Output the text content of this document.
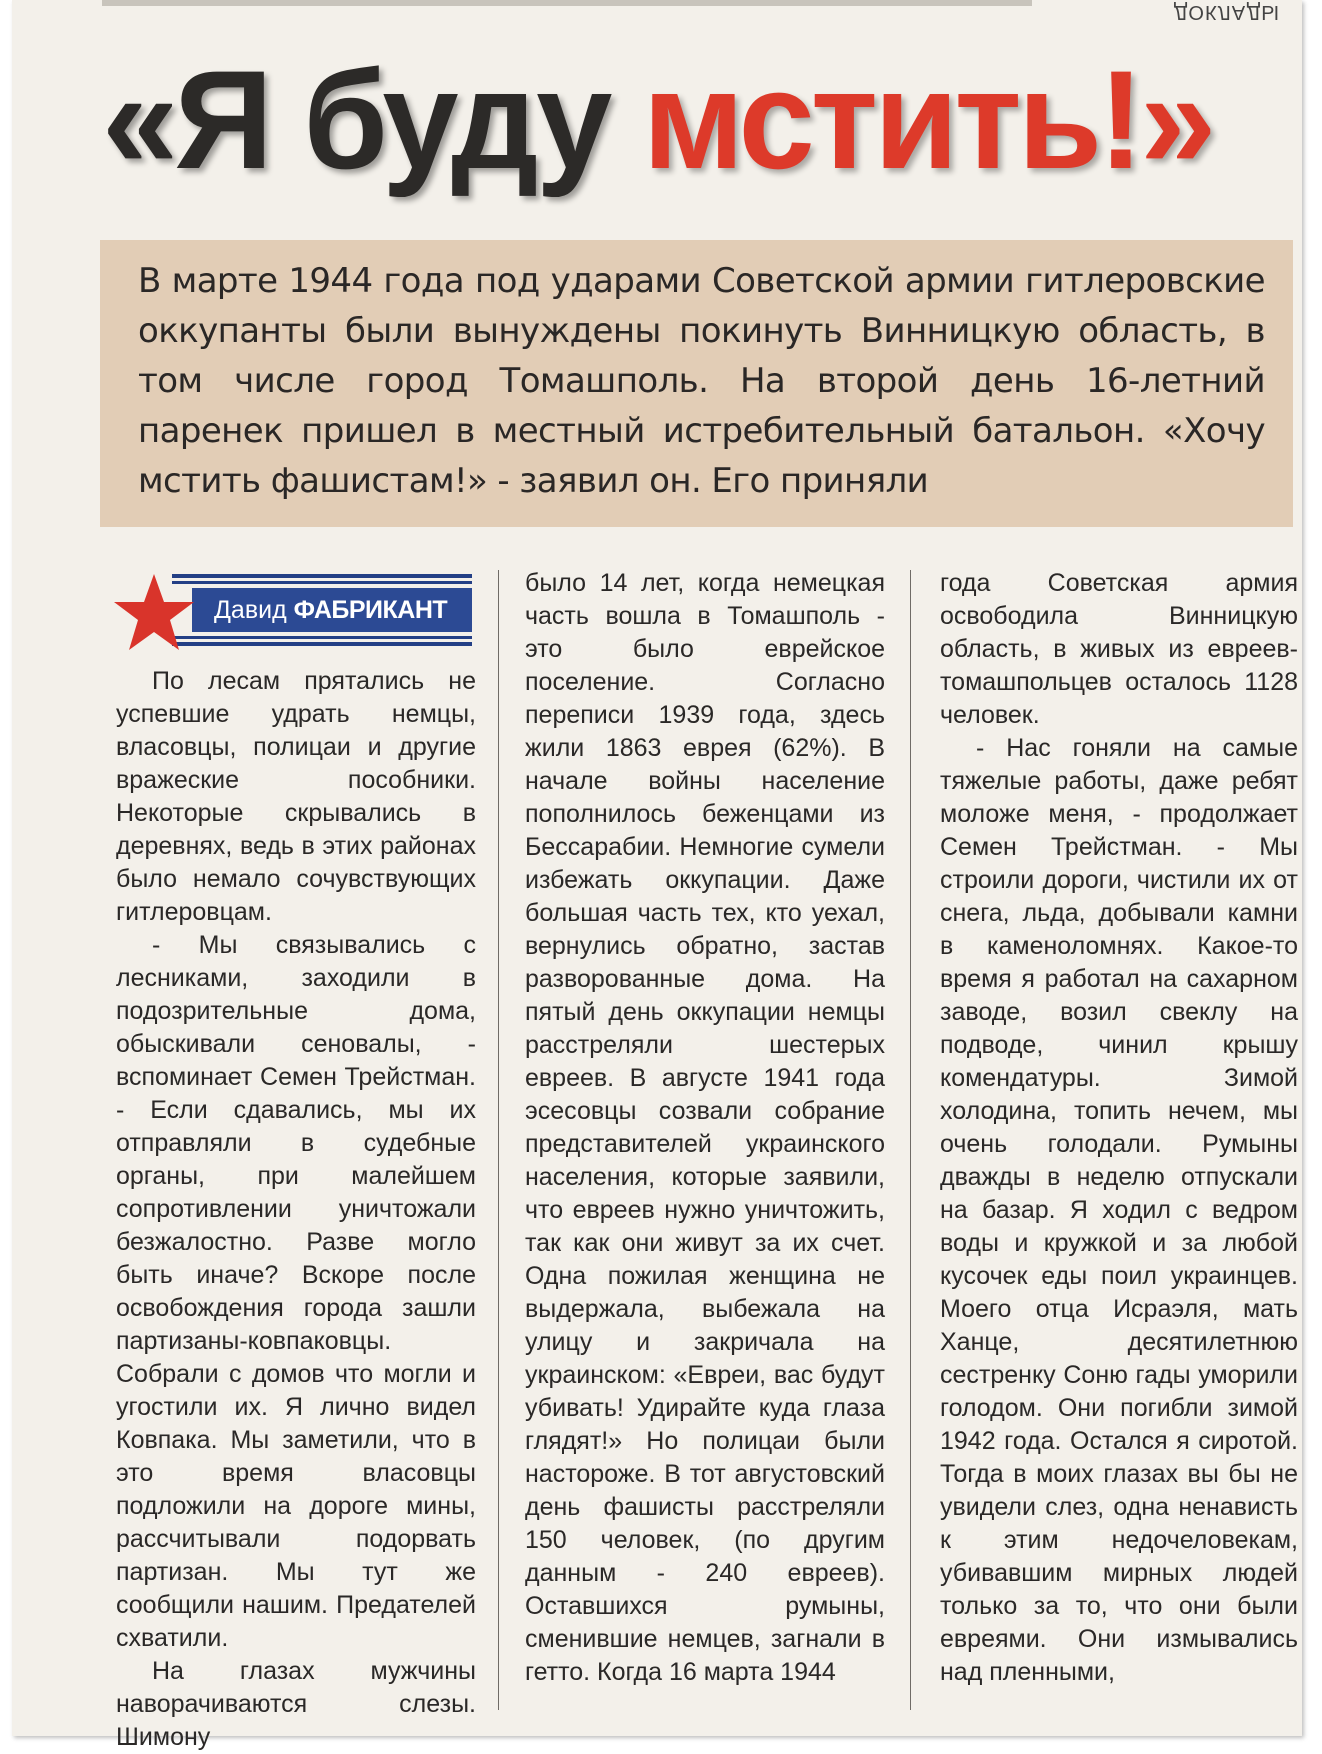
ДОКЛАДЫ
«Я буду мстить!»
В марте 1944 года под ударами Советской армии гитлеровские оккупанты были вынуждены покинуть Винницкую область, в том числе город Томашполь. На второй день 16-летний паренек пришел в местный истребительный батальон. «Хочу мстить фашистам!» - заявил он. Его приняли
Давид ФАБРИКАНТ

По лесам прятались не успевшие удрать немцы, власовцы, полицаи и другие вражеские пособники. Некоторые скрывались в деревнях, ведь в этих районах было немало сочувствующих гитлеровцам.

- Мы связывались с лесниками, заходили в подозрительные дома, обыскивали сеновалы, - вспоминает Семен Трейстман. - Если сдавались, мы их отправляли в судебные органы, при малейшем сопротивлении уничтожали безжалостно. Разве могло быть иначе? Вскоре после освобождения города зашли партизаны-ковпаковцы. Собрали с домов что могли и угостили их. Я лично видел Ковпака. Мы заметили, что в это время власовцы подложили на дороге мины, рассчитывали подорвать партизан. Мы тут же сообщили нашим. Предателей схватили.

На глазах мужчины наворачиваются слезы. Шимону

было 14 лет, когда немецкая часть вошла в Томашполь - это было еврейское поселение. Согласно переписи 1939 года, здесь жили 1863 еврея (62%). В начале войны население пополнилось беженцами из Бессарабии. Немногие сумели избежать оккупации. Даже большая часть тех, кто уехал, вернулись обратно, застав разворованные дома. На пятый день оккупации немцы расстреляли шестерых евреев. В августе 1941 года эсесовцы созвали собрание представителей украинского населения, которые заявили, что евреев нужно уничтожить, так как они живут за их счет. Одна пожилая женщина не выдержала, выбежала на улицу и закричала на украинском: «Евреи, вас будут убивать! Удирайте куда глаза глядят!» Но полицаи были настороже. В тот августовский день фашисты расстреляли 150 человек, (по другим данным - 240 евреев). Оставшихся румыны, сменившие немцев, загнали в гетто. Когда 16 марта 1944

года Советская армия освободила Винницкую область, в живых из евреев-томашпольцев осталось 1128 человек.

- Нас гоняли на самые тяжелые работы, даже ребят моложе меня, - продолжает Семен Трейстман. - Мы строили дороги, чистили их от снега, льда, добывали камни в каменоломнях. Какое-то время я работал на сахарном заводе, возил свеклу на подводе, чинил крышу комендатуры. Зимой холодина, топить нечем, мы очень голодали. Румыны дважды в неделю отпускали на базар. Я ходил с ведром воды и кружкой и за любой кусочек еды поил украинцев. Моего отца Исраэля, мать Ханце, десятилетнюю сестренку Соню гады уморили голодом. Они погибли зимой 1942 года. Остался я сиротой. Тогда в моих глазах вы бы не увидели слез, одна ненависть к этим недочеловекам, убивавшим мирных людей только за то, что они были евреями. Они измывались над пленными,
